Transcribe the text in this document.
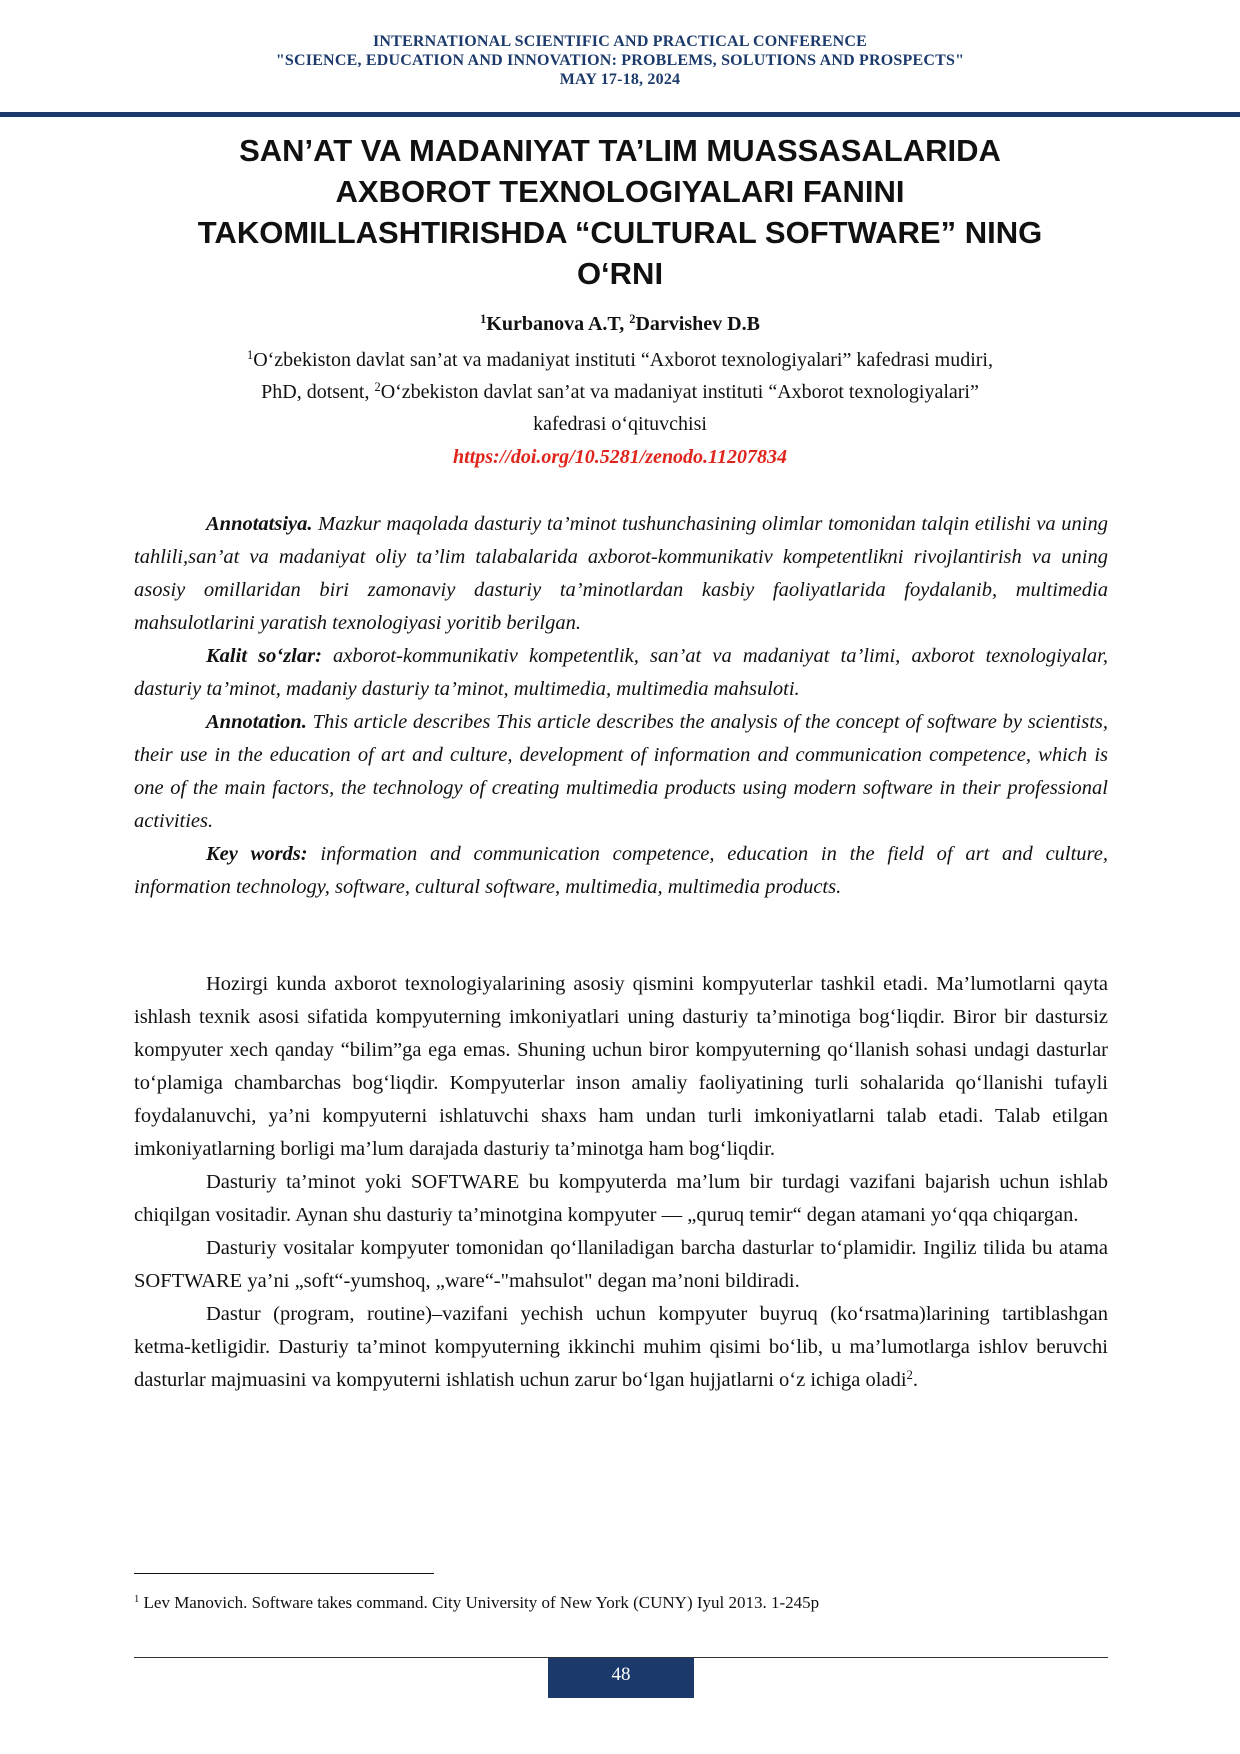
INTERNATIONAL SCIENTIFIC AND PRACTICAL CONFERENCE
"SCIENCE, EDUCATION AND INNOVATION: PROBLEMS, SOLUTIONS AND PROSPECTS"
MAY 17-18, 2024
SAN’AT VA MADANIYAT TA’LIM MUASSASALARIDA
AXBOROT TEXNOLOGIYALARI FANINI
TAKOMILLASHTIRISHDA “CULTURAL SOFTWARE” NING
O‘RNI
$^1$Kurbanova A.T, $^2$Darvishev D.B
$^1$O‘zbekiston davlat san’at va madaniyat instituti “Axborot texnologiyalari” kafedrasi mudiri,
PhD, dotsent, $^2$O‘zbekiston davlat san’at va madaniyat instituti “Axborot texnologiyalari”
kafedrasi o‘qituvchisi
https://doi.org/10.5281/zenodo.11207834

Annotatsiya. Mazkur maqolada dasturiy ta’minot tushunchasining olimlar tomonidan talqin etilishi va uning tahlili,san’at va madaniyat oliy ta’lim talabalarida axborot-kommunikativ kompetentlikni rivojlantirish va uning asosiy omillaridan biri zamonaviy dasturiy ta’minotlardan kasbiy faoliyatlarida foydalanib, multimedia mahsulotlarini yaratish texnologiyasi yoritib berilgan.

Kalit so‘zlar: axborot-kommunikativ kompetentlik, san’at va madaniyat ta’limi, axborot texnologiyalar, dasturiy ta’minot, madaniy dasturiy ta’minot, multimedia, multimedia mahsuloti.

Annotation. This article describes This article describes the analysis of the concept of software by scientists, their use in the education of art and culture, development of information and communication competence, which is one of the main factors, the technology of creating multimedia products using modern software in their professional activities.

Key words: information and communication competence, education in the field of art and culture, information technology, software, cultural software, multimedia, multimedia products.

Hozirgi kunda axborot texnologiyalarining asosiy qismini kompyuterlar tashkil etadi. Ma’lumotlarni qayta ishlash texnik asosi sifatida kompyuterning imkoniyatlari uning dasturiy ta’minotiga bog‘liqdir. Biror bir dastursiz kompyuter xech qanday “bilim”ga ega emas. Shuning uchun biror kompyuterning qo‘llanish sohasi undagi dasturlar to‘plamiga chambarchas bog‘liqdir. Kompyuterlar inson amaliy faoliyatining turli sohalarida qo‘llanishi tufayli foydalanuvchi, ya’ni kompyuterni ishlatuvchi shaxs ham undan turli imkoniyatlarni talab etadi. Talab etilgan imkoniyatlarning borligi ma’lum darajada dasturiy ta’minotga ham bog‘liqdir.

Dasturiy ta’minot yoki SOFTWARE bu kompyuterda ma’lum bir turdagi vazifani bajarish uchun ishlab chiqilgan vositadir. Aynan shu dasturiy ta’minotgina kompyuter — „quruq temir“ degan atamani yo‘qqa chiqargan.

Dasturiy vositalar kompyuter tomonidan qo‘llaniladigan barcha dasturlar to‘plamidir. Ingiliz tilida bu atama SOFTWARE ya’ni „soft“-yumshoq, „ware“-"mahsulot" degan ma’noni bildiradi.

Dastur (program, routine)–vazifani yechish uchun kompyuter buyruq (ko‘rsatma)larining tartiblashgan ketma-ketligidir. Dasturiy ta’minot kompyuterning ikkinchi muhim qisimi bo‘lib, u ma’lumotlarga ishlov beruvchi dasturlar majmuasini va kompyuterni ishlatish uchun zarur bo‘lgan hujjatlarni o‘z ichiga oladi$^2$.

$^1$ Lev Manovich. Software takes command. City University of New York (CUNY) Iyul 2013. 1-245p
48
